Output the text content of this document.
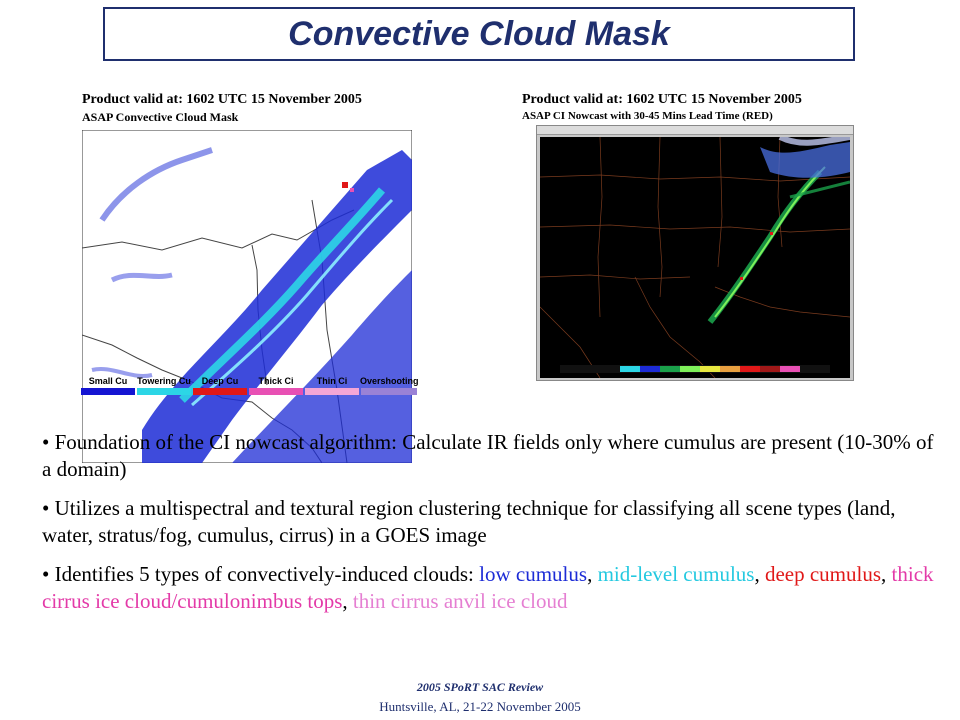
Convective Cloud Mask
Product valid at: 1602 UTC 15 November 2005
ASAP Convective Cloud Mask
Small Cu	Towering Cu	Deep Cu	Thick Ci	Thin Ci	Overshooting
Product valid at: 1602 UTC 15 November 2005
ASAP CI Nowcast with 30-45 Mins Lead Time (RED)
• Foundation of the CI nowcast algorithm: Calculate IR fields only where cumulus are present (10-30% of a domain)
• Utilizes a multispectral and textural region clustering technique for classifying all scene types (land, water, stratus/fog, cumulus, cirrus) in a GOES image
• Identifies 5 types of convectively-induced clouds: low cumulus, mid-level cumulus, deep cumulus, thick cirrus ice cloud/cumulonimbus tops, thin cirrus anvil ice cloud
2005 SPoRT SAC Review
Huntsville, AL, 21-22 November 2005
